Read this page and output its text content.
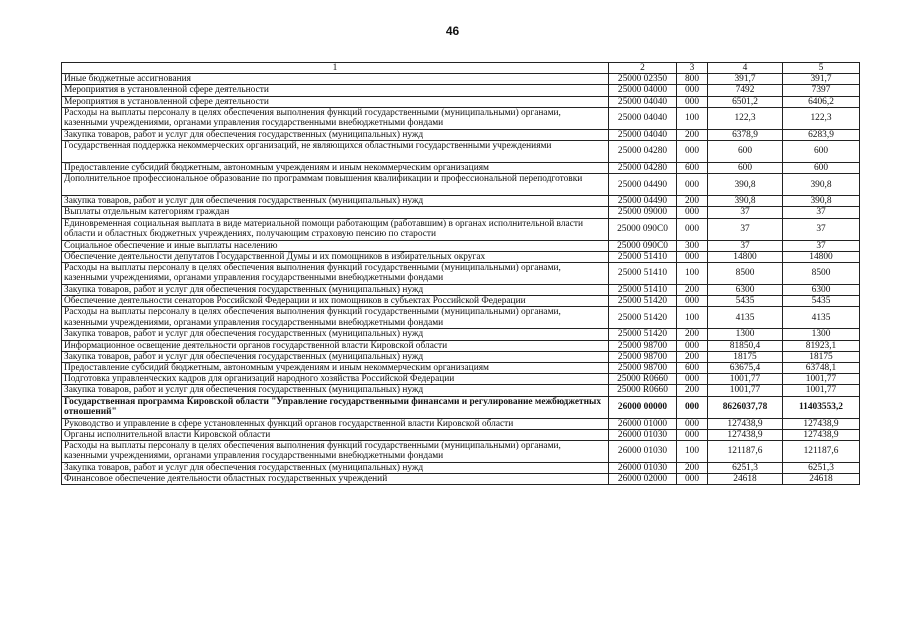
46
1	2	3	4	5
Иные бюджетные ассигнования	25000 02350	800	391,7	391,7
Мероприятия в установленной сфере деятельности	25000 04000	000	7492	7397
Мероприятия в установленной сфере деятельности	25000 04040	000	6501,2	6406,2
Расходы на выплаты персоналу в целях обеспечения выполнения функций государственными (муниципальными) органами, казенными учреждениями, органами управления государственными внебюджетными фондами	25000 04040	100	122,3	122,3
Закупка товаров, работ и услуг для обеспечения государственных (муниципальных) нужд	25000 04040	200	6378,9	6283,9
Государственная поддержка некоммерческих организаций, не являющихся областными государственными учреждениями	25000 04280	000	600	600
Предоставление субсидий бюджетным, автономным учреждениям и иным некоммерческим организациям	25000 04280	600	600	600
Дополнительное профессиональное образование по программам повышения квалификации и профессиональной переподготовки	25000 04490	000	390,8	390,8
Закупка товаров, работ и услуг для обеспечения государственных (муниципальных) нужд	25000 04490	200	390,8	390,8
Выплаты отдельным категориям граждан	25000 09000	000	37	37
Единовременная социальная выплата в виде материальной помощи работающим (работавшим) в органах исполнительной власти области и областных бюджетных учреждениях, получающим страховую пенсию по старости	25000 090С0	000	37	37
Социальное обеспечение и иные выплаты населению	25000 090С0	300	37	37
Обеспечение деятельности депутатов Государственной Думы и их помощников в избирательных округах	25000 51410	000	14800	14800
Расходы на выплаты персоналу в целях обеспечения выполнения функций государственными (муниципальными) органами, казенными учреждениями, органами управления государственными внебюджетными фондами	25000 51410	100	8500	8500
Закупка товаров, работ и услуг для обеспечения государственных (муниципальных) нужд	25000 51410	200	6300	6300
Обеспечение деятельности сенаторов Российской Федерации и их помощников в субъектах Российской Федерации	25000 51420	000	5435	5435
Расходы на выплаты персоналу в целях обеспечения выполнения функций государственными (муниципальными) органами, казенными учреждениями, органами управления государственными внебюджетными фондами	25000 51420	100	4135	4135
Закупка товаров, работ и услуг для обеспечения государственных (муниципальных) нужд	25000 51420	200	1300	1300
Информационное освещение деятельности органов государственной власти Кировской области	25000 98700	000	81850,4	81923,1
Закупка товаров, работ и услуг для обеспечения государственных (муниципальных) нужд	25000 98700	200	18175	18175
Предоставление субсидий бюджетным, автономным учреждениям и иным некоммерческим организациям	25000 98700	600	63675,4	63748,1
Подготовка управленческих кадров для организаций народного хозяйства Российской Федерации	25000 R0660	000	1001,77	1001,77
Закупка товаров, работ и услуг для обеспечения государственных (муниципальных) нужд	25000 R0660	200	1001,77	1001,77
Государственная программа Кировской области "Управление государственными финансами и регулирование межбюджетных отношений"	26000 00000	000	8626037,78	11403553,2
Руководство и управление в сфере установленных функций органов государственной власти Кировской области	26000 01000	000	127438,9	127438,9
Органы исполнительной власти Кировской области	26000 01030	000	127438,9	127438,9
Расходы на выплаты персоналу в целях обеспечения выполнения функций государственными (муниципальными) органами, казенными учреждениями, органами управления государственными внебюджетными фондами	26000 01030	100	121187,6	121187,6
Закупка товаров, работ и услуг для обеспечения государственных (муниципальных) нужд	26000 01030	200	6251,3	6251,3
Финансовое обеспечение деятельности областных государственных учреждений	26000 02000	000	24618	24618
